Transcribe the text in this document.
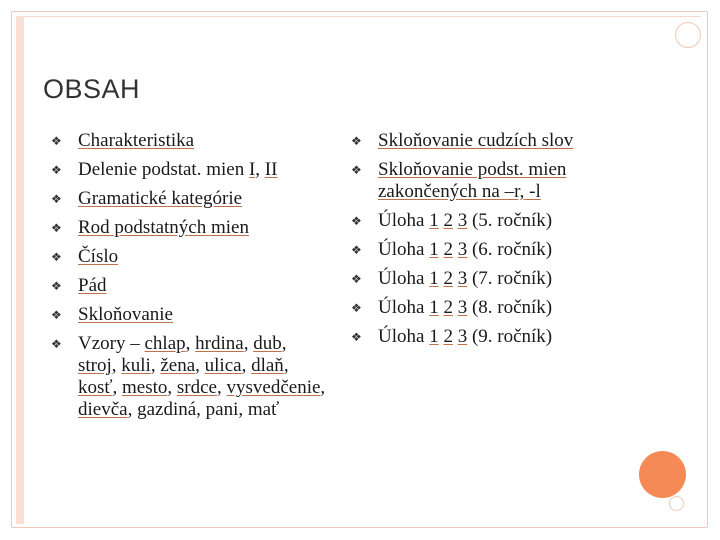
OBSAH
❖ Charakteristika
❖ Delenie podstat. mien I, II
❖ Gramatické kategórie
❖ Rod podstatných mien
❖ Číslo
❖ Pád
❖ Skloňovanie
❖ Vzory – chlap, hrdina, dub, stroj, kuli, žena, ulica, dlaň, kosť, mesto, srdce, vysvedčenie, dievča, gazdiná, pani, mať
❖ Skloňovanie cudzích slov
❖ Skloňovanie podst. mien zakončených na –r, -l
❖ Úloha 1 2 3 (5. ročník)
❖ Úloha 1 2 3 (6. ročník)
❖ Úloha 1 2 3 (7. ročník)
❖ Úloha 1 2 3 (8. ročník)
❖ Úloha 1 2 3 (9. ročník)
